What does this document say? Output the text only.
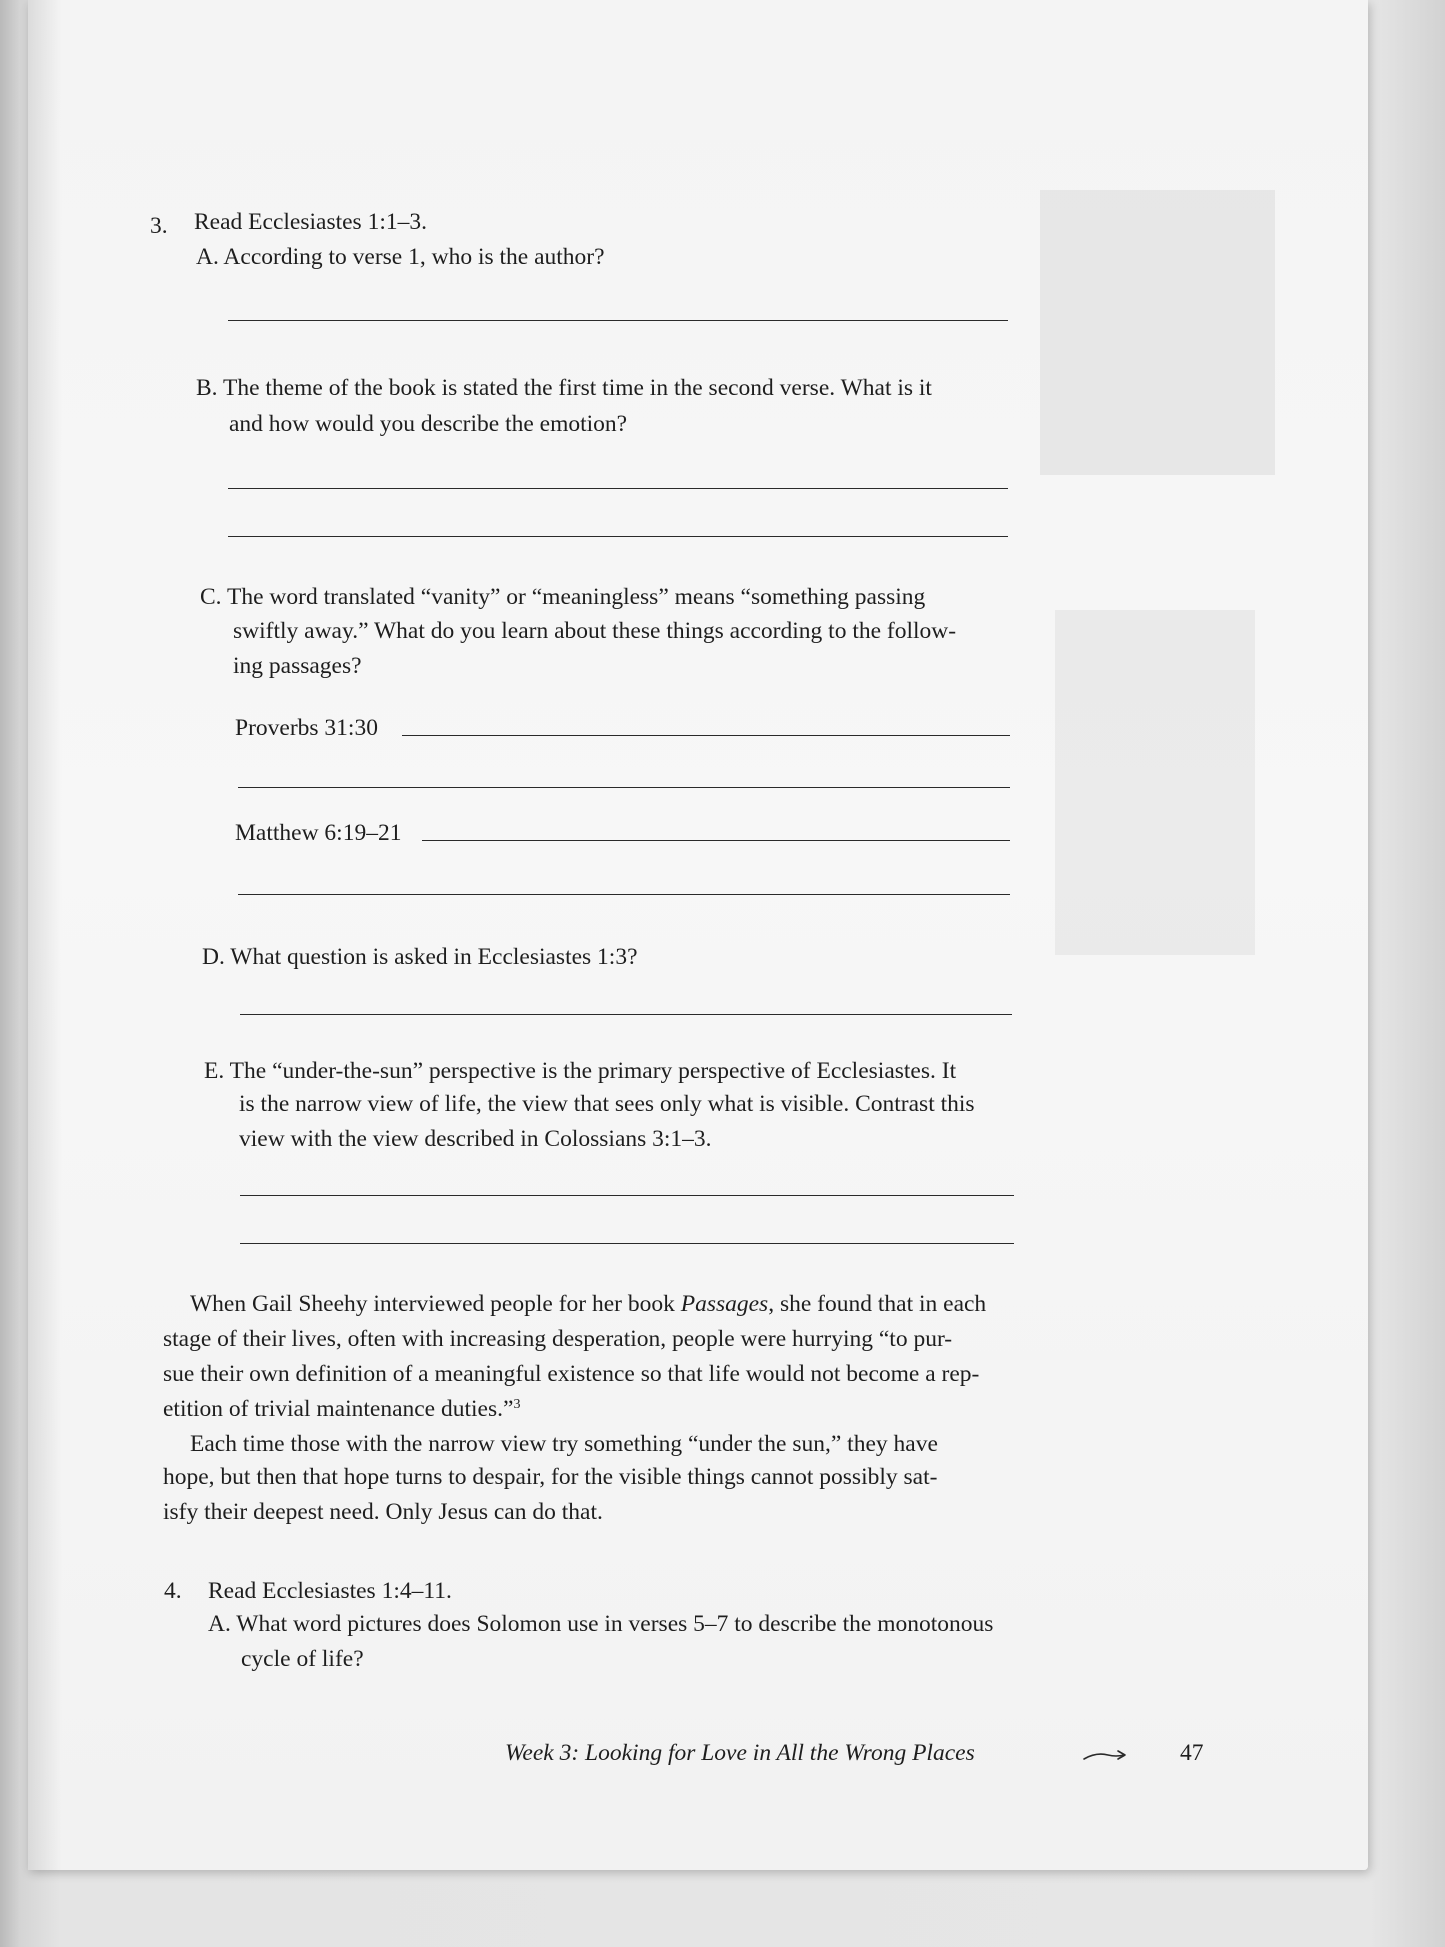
3. Read Ecclesiastes 1:1–3.
A. According to verse 1, who is the author?
B. The theme of the book is stated the first time in the second verse. What is it
and how would you describe the emotion?
C. The word translated “vanity” or “meaningless” means “something passing
swiftly away.” What do you learn about these things according to the follow-
ing passages?
Proverbs 31:30
Matthew 6:19–21
D. What question is asked in Ecclesiastes 1:3?
E. The “under-the-sun” perspective is the primary perspective of Ecclesiastes. It
is the narrow view of life, the view that sees only what is visible. Contrast this
view with the view described in Colossians 3:1–3.
When Gail Sheehy interviewed people for her book Passages, she found that in each
stage of their lives, often with increasing desperation, people were hurrying “to pur-
sue their own definition of a meaningful existence so that life would not become a rep-
etition of trivial maintenance duties.”$^3$
Each time those with the narrow view try something “under the sun,” they have
hope, but then that hope turns to despair, for the visible things cannot possibly sat-
isfy their deepest need. Only Jesus can do that.
4. Read Ecclesiastes 1:4–11.
A. What word pictures does Solomon use in verses 5–7 to describe the monotonous
cycle of life?
Week 3: Looking for Love in All the Wrong Places	47
